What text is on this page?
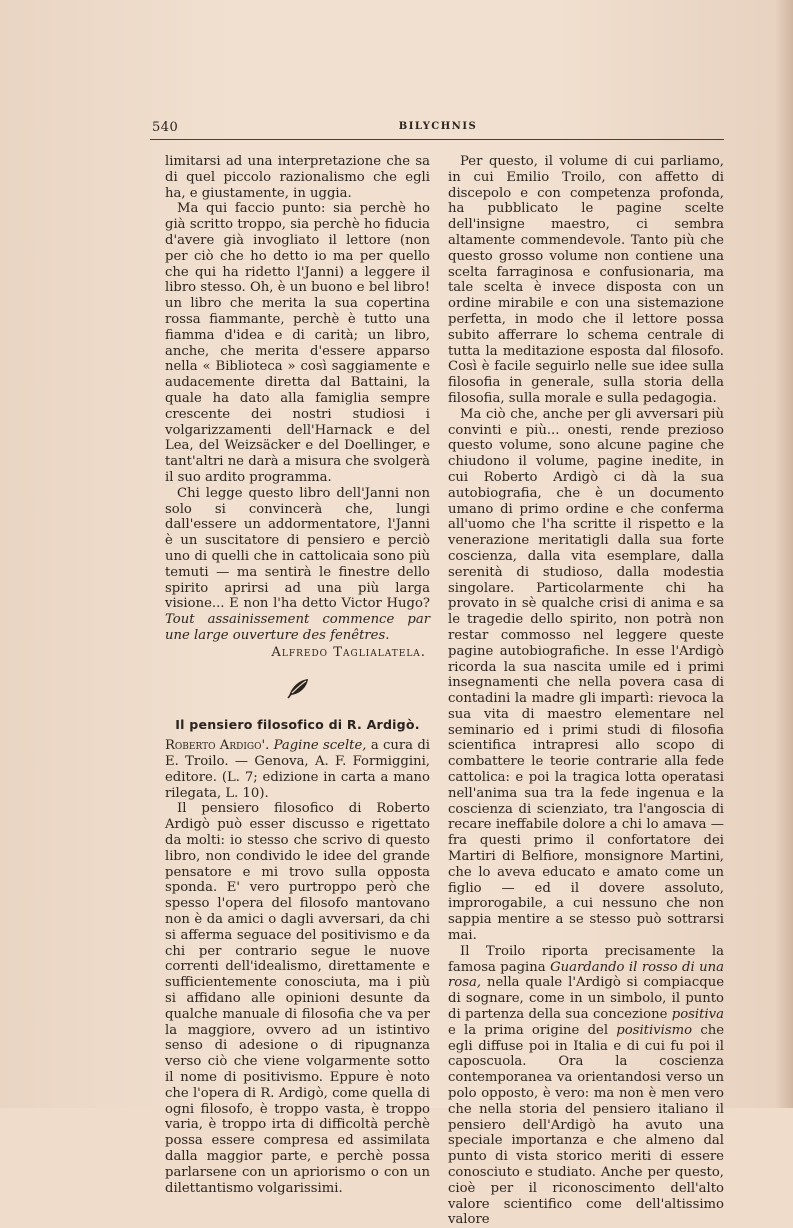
540	BILYCHNIS

limitarsi ad una interpretazione che sa di quel piccolo razionalismo che egli ha, e giustamente, in uggia.

Ma qui faccio punto: sia perchè ho già scritto troppo, sia perchè ho fiducia d'avere già invogliato il lettore (non per ciò che ho detto io ma per quello che qui ha ridetto l'Janni) a leggere il libro stesso. Oh, è un buono e bel libro! un libro che merita la sua copertina rossa fiammante, perchè è tutto una fiamma d'idea e di carità; un libro, anche, che merita d'essere apparso nella « Biblioteca » così saggiamente e audacemente diretta dal Battaini, la quale ha dato alla famiglia sempre crescente dei nostri studiosi i volgarizzamenti dell'Harnack e del Lea, del Weizsäcker e del Doellinger, e tant'altri ne darà a misura che svolgerà il suo ardito programma.

Chi legge questo libro dell'Janni non solo si convincerà che, lungi dall'essere un addormentatore, l'Janni è un suscitatore di pensiero e perciò uno di quelli che in cattolicaia sono più temuti — ma sentirà le finestre dello spirito aprirsi ad una più larga visione... E non l'ha detto Victor Hugo? Tout assainissement commence par une large ouverture des fenêtres.

Alfredo Taglialatela.
Il pensiero filosofico di R. Ardigò.

Roberto Ardigo'. Pagine scelte, a cura di E. Troilo. — Genova, A. F. Formiggini, editore. (L. 7; edizione in carta a mano rilegata, L. 10).

Il pensiero filosofico di Roberto Ardigò può esser discusso e rigettato da molti: io stesso che scrivo di questo libro, non condivido le idee del grande pensatore e mi trovo sulla opposta sponda. E' vero purtroppo però che spesso l'opera del filosofo mantovano non è da amici o dagli avversari, da chi si afferma seguace del positivismo e da chi per contrario segue le nuove correnti dell'idealismo, direttamente e sufficientemente conosciuta, ma i più si affidano alle opinioni desunte da qualche manuale di filosofia che va per la maggiore, ovvero ad un istintivo senso di adesione o di ripugnanza verso ciò che viene volgarmente sotto il nome di positivismo. Eppure è noto che l'opera di R. Ardigò, come quella di ogni filosofo, è troppo vasta, è troppo varia, è troppo irta di difficoltà perchè possa essere compresa ed assimilata dalla maggior parte, e perchè possa parlarsene con un apriorismo o con un dilettantismo volgarissimi.

Per questo, il volume di cui parliamo, in cui Emilio Troilo, con affetto di discepolo e con competenza profonda, ha pubblicato le pagine scelte dell'insigne maestro, ci sembra altamente commendevole. Tanto più che questo grosso volume non contiene una scelta farraginosa e confusionaria, ma tale scelta è invece disposta con un ordine mirabile e con una sistemazione perfetta, in modo che il lettore possa subito afferrare lo schema centrale di tutta la meditazione esposta dal filosofo. Così è facile seguirlo nelle sue idee sulla filosofia in generale, sulla storia della filosofia, sulla morale e sulla pedagogia.

Ma ciò che, anche per gli avversari più convinti e più... onesti, rende prezioso questo volume, sono alcune pagine che chiudono il volume, pagine inedite, in cui Roberto Ardigò ci dà la sua autobiografia, che è un documento umano di primo ordine e che conferma all'uomo che l'ha scritte il rispetto e la venerazione meritatigli dalla sua forte coscienza, dalla vita esemplare, dalla serenità di studioso, dalla modestia singolare. Particolarmente chi ha provato in sè qualche crisi di anima e sa le tragedie dello spirito, non potrà non restar commosso nel leggere queste pagine autobiografiche. In esse l'Ardigò ricorda la sua nascita umile ed i primi insegnamenti che nella povera casa di contadini la madre gli impartì: rievoca la sua vita di maestro elementare nel seminario ed i primi studi di filosofia scientifica intrapresi allo scopo di combattere le teorie contrarie alla fede cattolica: e poi la tragica lotta operatasi nell'anima sua tra la fede ingenua e la coscienza di scienziato, tra l'angoscia di recare ineffabile dolore a chi lo amava — fra questi primo il confortatore dei Martiri di Belfiore, monsignore Martini, che lo aveva educato e amato come un figlio — ed il dovere assoluto, improrogabile, a cui nessuno che non sappia mentire a se stesso può sottrarsi mai.

Il Troilo riporta precisamente la famosa pagina Guardando il rosso di una rosa, nella quale l'Ardigò si compiacque di sognare, come in un simbolo, il punto di partenza della sua concezione positiva e la prima origine del positivismo che egli diffuse poi in Italia e di cui fu poi il caposcuola. Ora la coscienza contemporanea va orientandosi verso un polo opposto, è vero: ma non è men vero che nella storia del pensiero italiano il pensiero dell'Ardigò ha avuto una speciale importanza e che almeno dal punto di vista storico meriti di essere conosciuto e studiato. Anche per questo, cioè per il riconoscimento dell'alto valore scientifico come dell'altissimo valore
